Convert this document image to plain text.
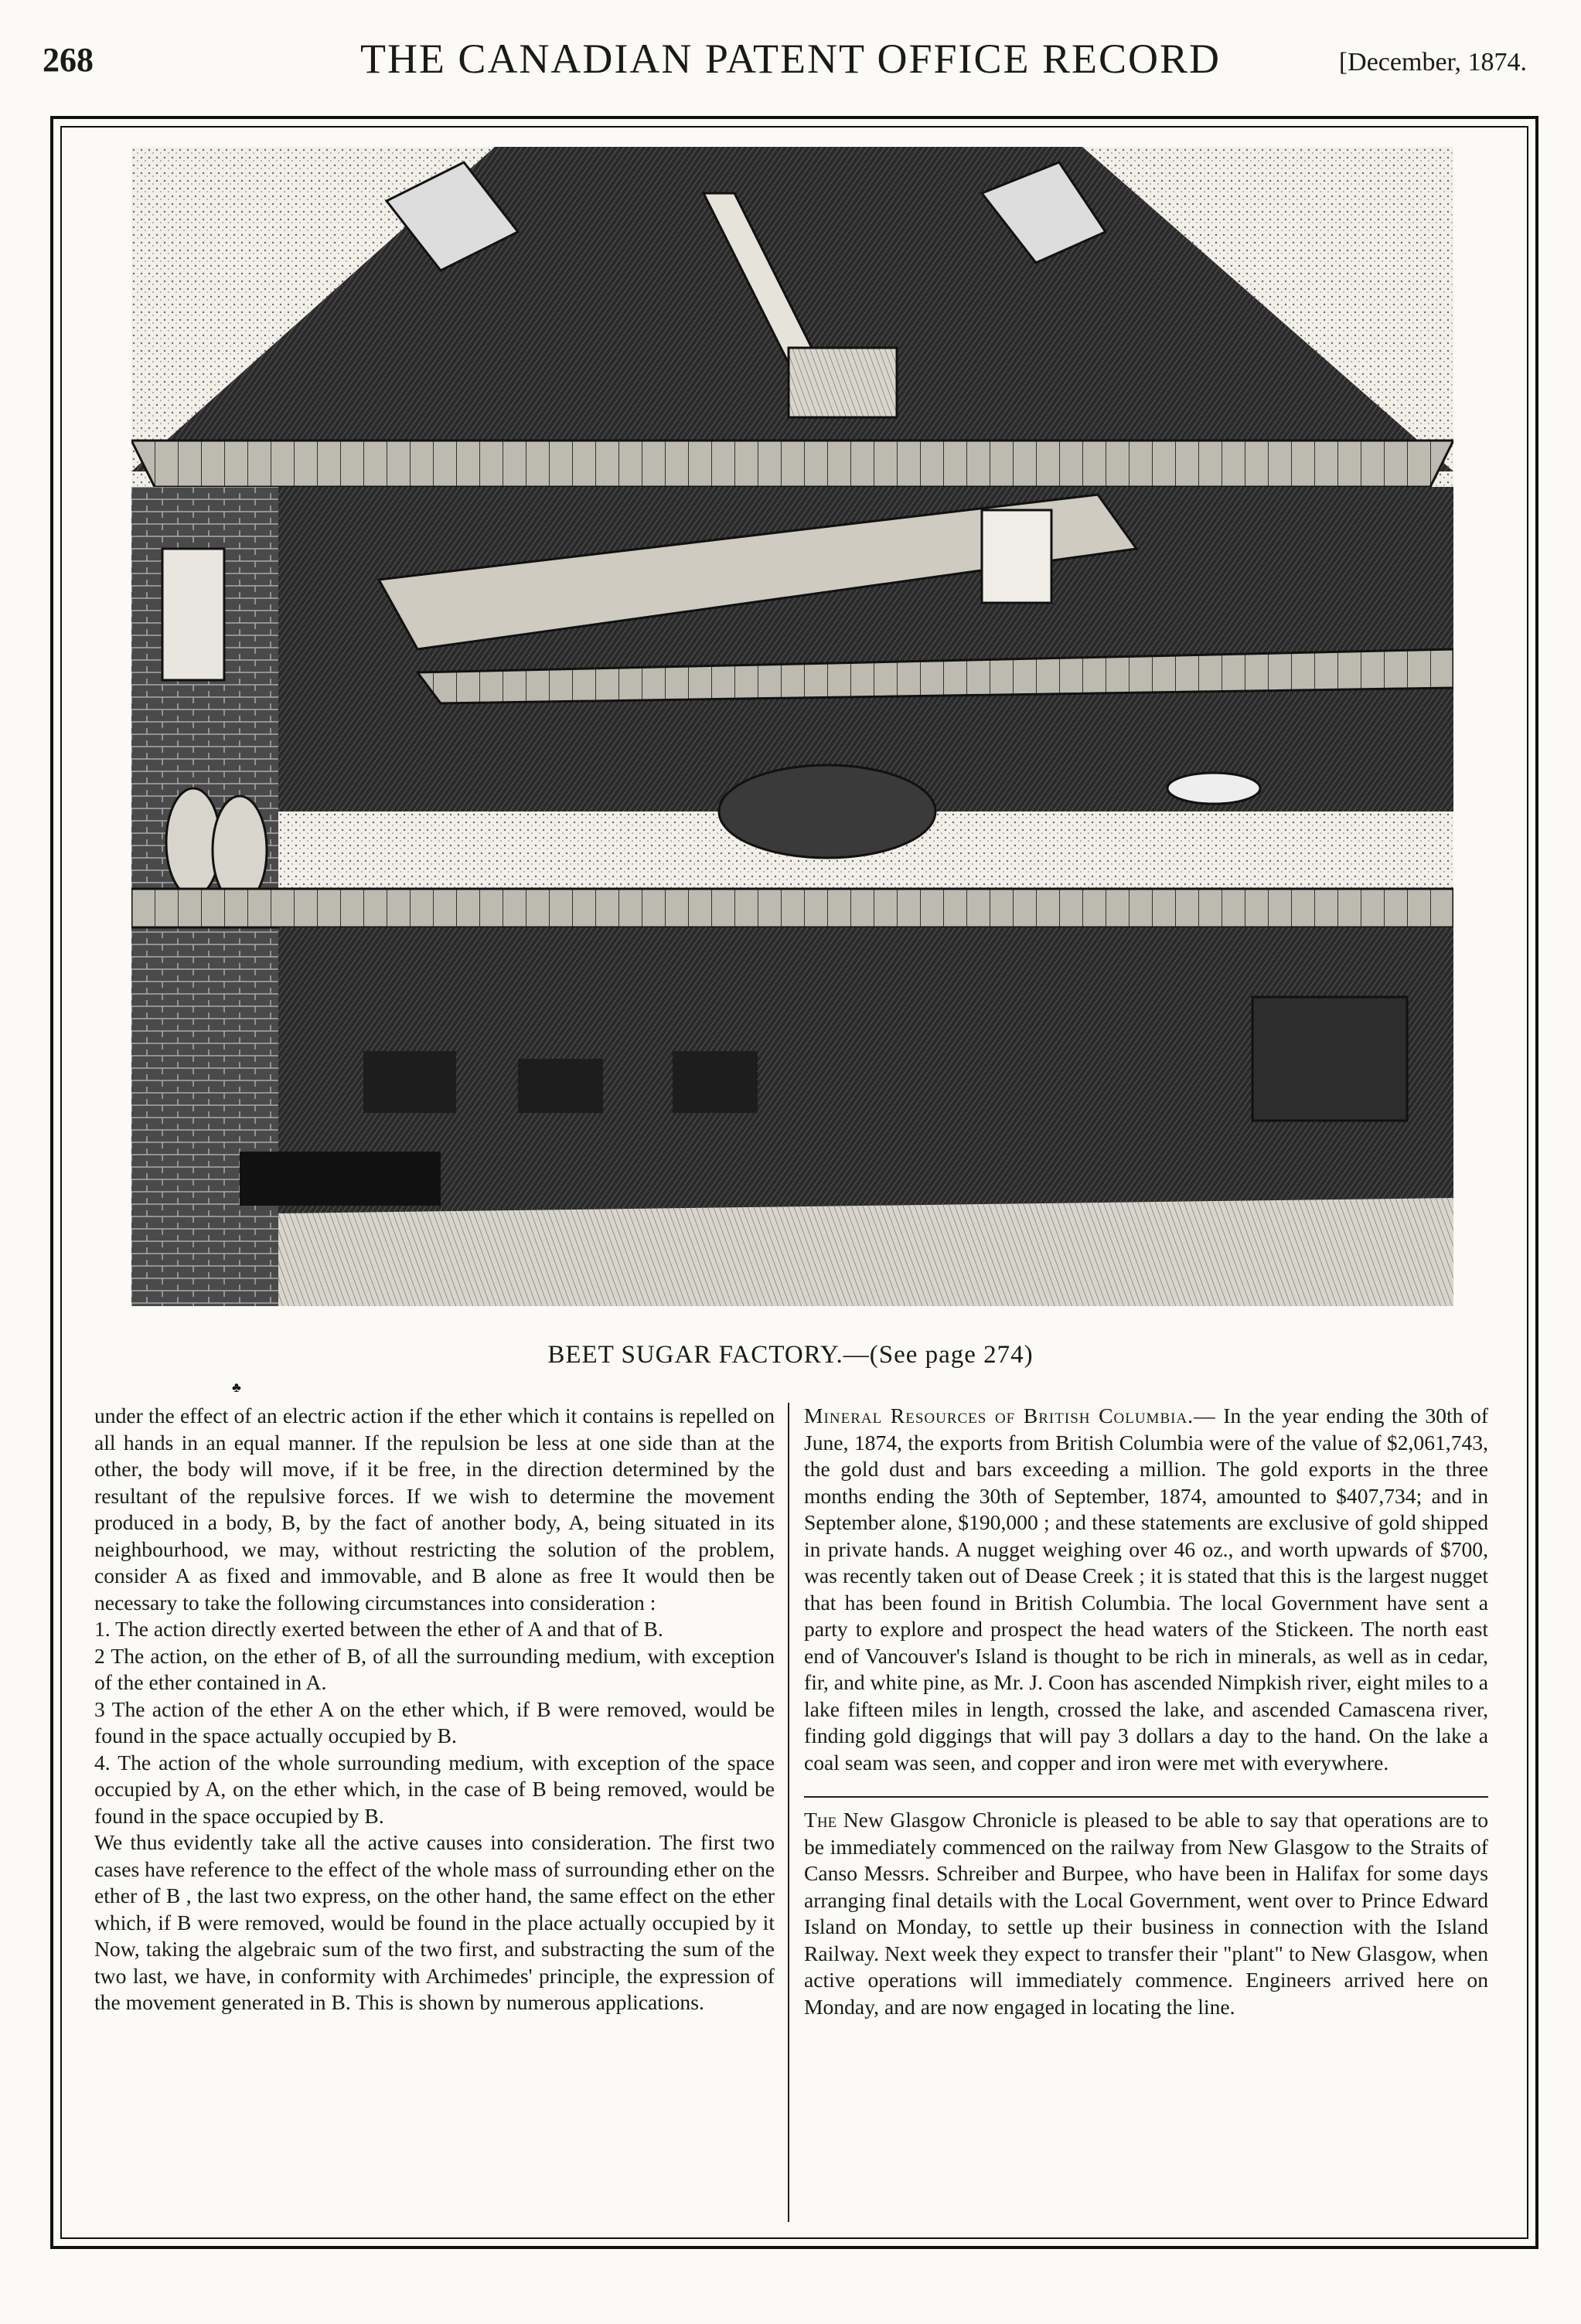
268	THE CANADIAN PATENT OFFICE RECORD	[December, 1874.
BEET SUGAR FACTORY.—(See page 274)
♣

under the effect of an electric action if the ether which it contains is repelled on all hands in an equal manner. If the repulsion be less at one side than at the other, the body will move, if it be free, in the direction determined by the resultant of the repulsive forces. If we wish to determine the movement produced in a body, B, by the fact of another body, A, being situated in its neighbourhood, we may, without restricting the solution of the problem, consider A as fixed and immovable, and B alone as free It would then be necessary to take the following circumstances into consideration :

1. The action directly exerted between the ether of A and that of B.

2 The action, on the ether of B, of all the surrounding medium, with exception of the ether contained in A.

3 The action of the ether A on the ether which, if B were removed, would be found in the space actually occupied by B.

4. The action of the whole surrounding medium, with exception of the space occupied by A, on the ether which, in the case of B being removed, would be found in the space occupied by B.

We thus evidently take all the active causes into consideration. The first two cases have reference to the effect of the whole mass of surrounding ether on the ether of B , the last two express, on the other hand, the same effect on the ether which, if B were removed, would be found in the place actually occupied by it Now, taking the algebraic sum of the two first, and substracting the sum of the two last, we have, in conformity with Archimedes' principle, the expression of the movement generated in B. This is shown by numerous applications.

Mineral Resources of British Columbia.— In the year ending the 30th of June, 1874, the exports from British Columbia were of the value of $2,061,743, the gold dust and bars exceeding a million. The gold exports in the three months ending the 30th of September, 1874, amounted to $407,734; and in September alone, $190,000 ; and these statements are exclusive of gold shipped in private hands. A nugget weighing over 46 oz., and worth upwards of $700, was recently taken out of Dease Creek ; it is stated that this is the largest nugget that has been found in British Columbia. The local Government have sent a party to explore and prospect the head waters of the Stickeen. The north east end of Vancouver's Island is thought to be rich in minerals, as well as in cedar, fir, and white pine, as Mr. J. Coon has ascended Nimpkish river, eight miles to a lake fifteen miles in length, crossed the lake, and ascended Camascena river, finding gold diggings that will pay 3 dollars a day to the hand. On the lake a coal seam was seen, and copper and iron were met with everywhere.

The New Glasgow Chronicle is pleased to be able to say that operations are to be immediately commenced on the railway from New Glasgow to the Straits of Canso Messrs. Schreiber and Burpee, who have been in Halifax for some days arranging final details with the Local Government, went over to Prince Edward Island on Monday, to settle up their business in connection with the Island Railway. Next week they expect to transfer their "plant" to New Glasgow, when active operations will immediately commence. Engineers arrived here on Monday, and are now engaged in locating the line.
